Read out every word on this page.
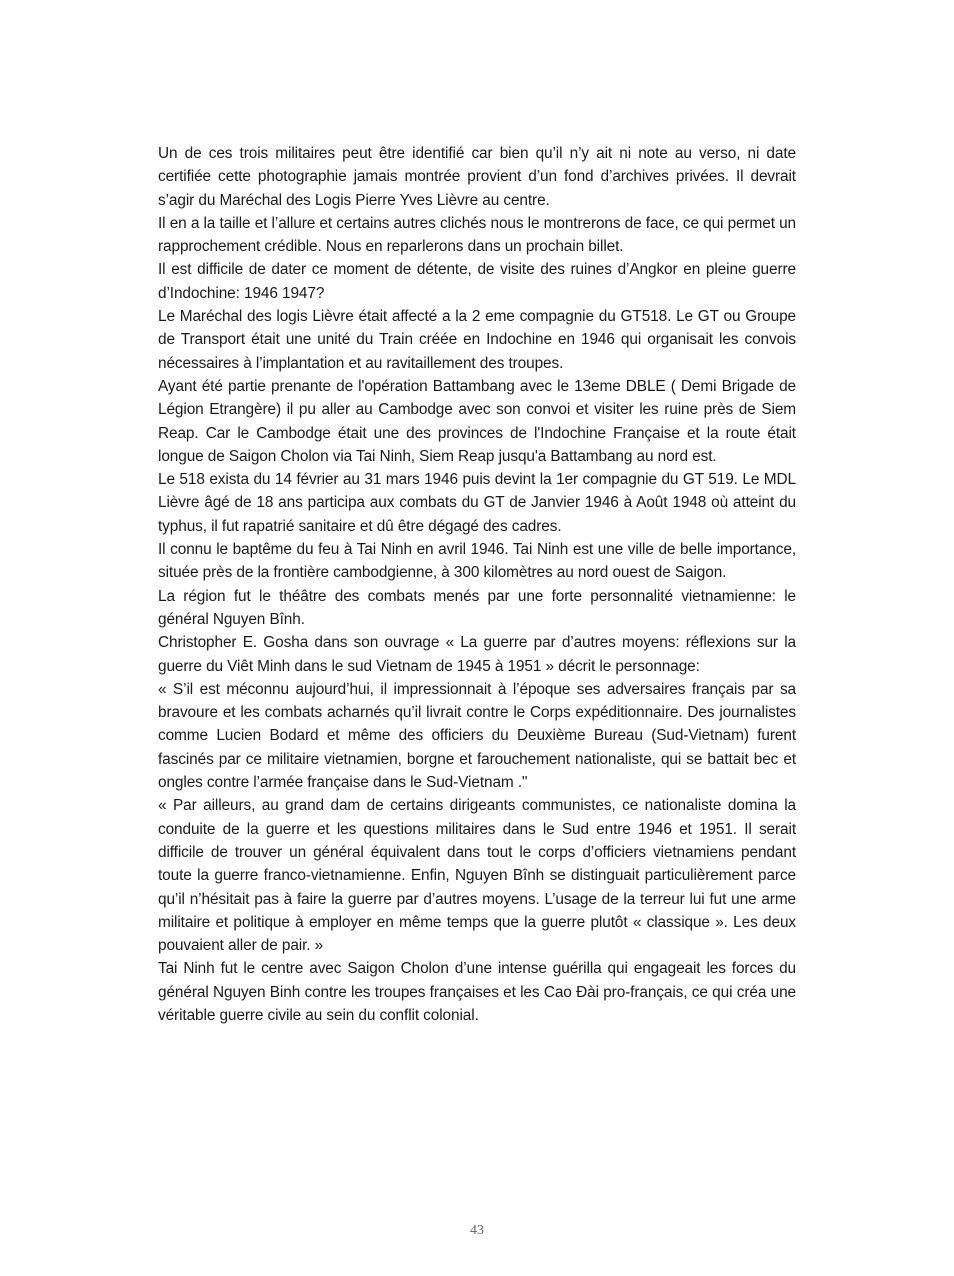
Un de ces trois militaires peut être identifié car bien qu’il n’y ait ni note au verso, ni date certifiée cette photographie jamais montrée provient d’un fond d’archives privées. Il devrait s’agir du Maréchal des Logis Pierre Yves Lièvre au centre.

Il en a la taille et l’allure et certains autres clichés nous le montrerons de face, ce qui permet un rapprochement crédible. Nous en reparlerons dans un prochain billet.

Il est difficile de dater ce moment de détente, de visite des ruines d’Angkor en pleine guerre d’Indochine: 1946 1947?

Le Maréchal des logis Lièvre était affecté a la 2 eme compagnie du GT518. Le GT ou Groupe de Transport était une unité du Train créée en Indochine en 1946 qui organisait les convois nécessaires à l’implantation et au ravitaillement des troupes.

Ayant été partie prenante de l'opération Battambang avec le 13eme DBLE ( Demi Brigade de Légion Etrangère) il pu aller au Cambodge avec son convoi et visiter les ruine près de Siem Reap. Car le Cambodge était une des provinces de l'Indochine Française et la route était longue de Saigon Cholon via Tai Ninh, Siem Reap jusqu'a Battambang au nord est.

Le 518 exista du 14 février au 31 mars 1946 puis devint la 1er compagnie du GT 519. Le MDL Lièvre âgé de 18 ans participa aux combats du GT de Janvier 1946 à Août 1948 où atteint du typhus, il fut rapatrié sanitaire et dû être dégagé des cadres.

Il connu le baptême du feu à Tai Ninh en avril 1946. Tai Ninh est une ville de belle importance, située près de la frontière cambodgienne, à 300 kilomètres au nord ouest de Saigon.

La région fut le théâtre des combats menés par une forte personnalité vietnamienne: le général Nguyen Bînh.

Christopher E. Gosha dans son ouvrage « La guerre par d’autres moyens: réflexions sur la guerre du Viêt Minh dans le sud Vietnam de 1945 à 1951 » décrit le personnage:

« S’il est méconnu aujourd’hui, il impressionnait à l’époque ses adversaires français par sa bravoure et les combats acharnés qu’il livrait contre le Corps expéditionnaire. Des journalistes comme Lucien Bodard et même des officiers du Deuxième Bureau (Sud-Vietnam) furent fascinés par ce militaire vietnamien, borgne et farouchement nationaliste, qui se battait bec et ongles contre l’armée française dans le Sud-Vietnam ."

« Par ailleurs, au grand dam de certains dirigeants communistes, ce nationaliste domina la conduite de la guerre et les questions militaires dans le Sud entre 1946 et 1951. Il serait difficile de trouver un général équivalent dans tout le corps d’officiers vietnamiens pendant toute la guerre franco-vietnamienne. Enfin, Nguyen Bînh se distinguait particulièrement parce qu’il n’hésitait pas à faire la guerre par d’autres moyens. L’usage de la terreur lui fut une arme militaire et politique à employer en même temps que la guerre plutôt « classique ». Les deux pouvaient aller de pair. »

Tai Ninh fut le centre avec Saigon Cholon d’une intense guérilla qui engageait les forces du général Nguyen Binh contre les troupes françaises et les Cao Đài pro-français, ce qui créa une véritable guerre civile au sein du conflit colonial.

43
